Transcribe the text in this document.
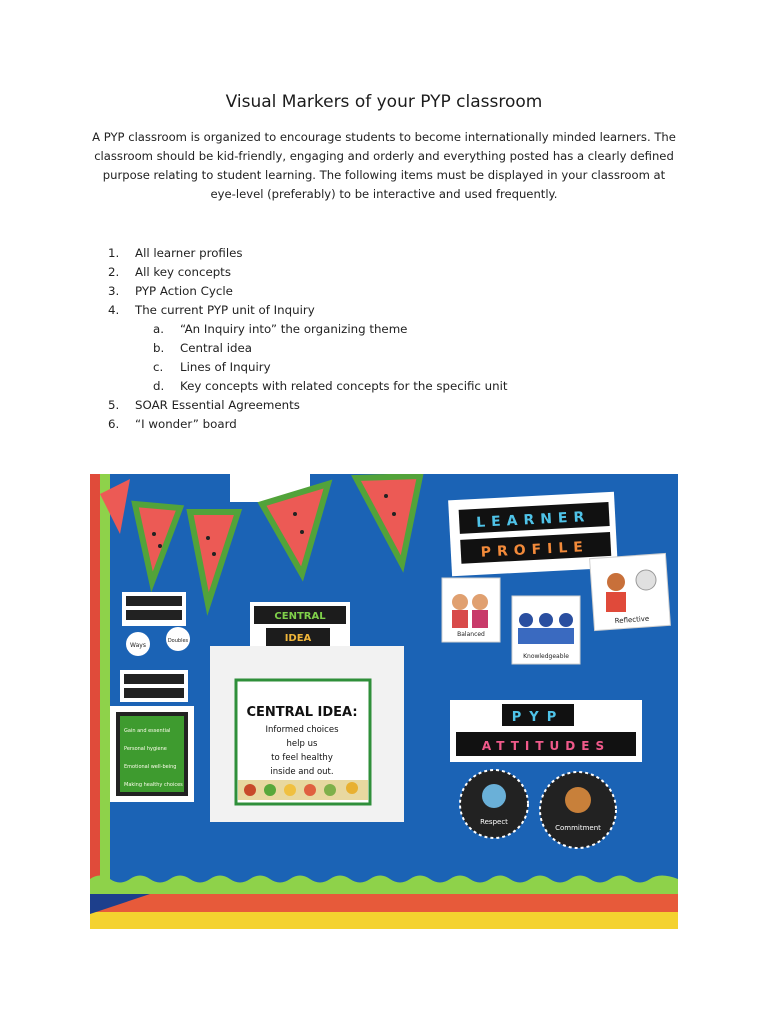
Visual Markers of your PYP classroom
A PYP classroom is organized to encourage students to become internationally minded learners. The classroom should be kid-friendly, engaging and orderly and everything posted has a clearly defined purpose relating to student learning. The following items must be displayed in your classroom at eye-level (preferably) to be interactive and used frequently.
1.	All learner profiles
2.	All key concepts
3.	PYP Action Cycle
4.	The current PYP unit of Inquiry
a.	“An Inquiry into” the organizing theme
b.	Central idea
c.	Lines of Inquiry
d.	Key concepts with related concepts for the specific unit
5.	SOAR Essential Agreements
6.	“I wonder” board
Ways
Doubles
Gain and essential
Personal hygiene
Emotional well-being
Making healthy choices
CENTRAL
IDEA
CENTRAL IDEA:
Informed choices
help us
to feel healthy
inside and out.
LEARNER
PROFILE
Balanced
Knowledgeable
Reflective
PYP
ATTITUDES
Respect
Commitment
